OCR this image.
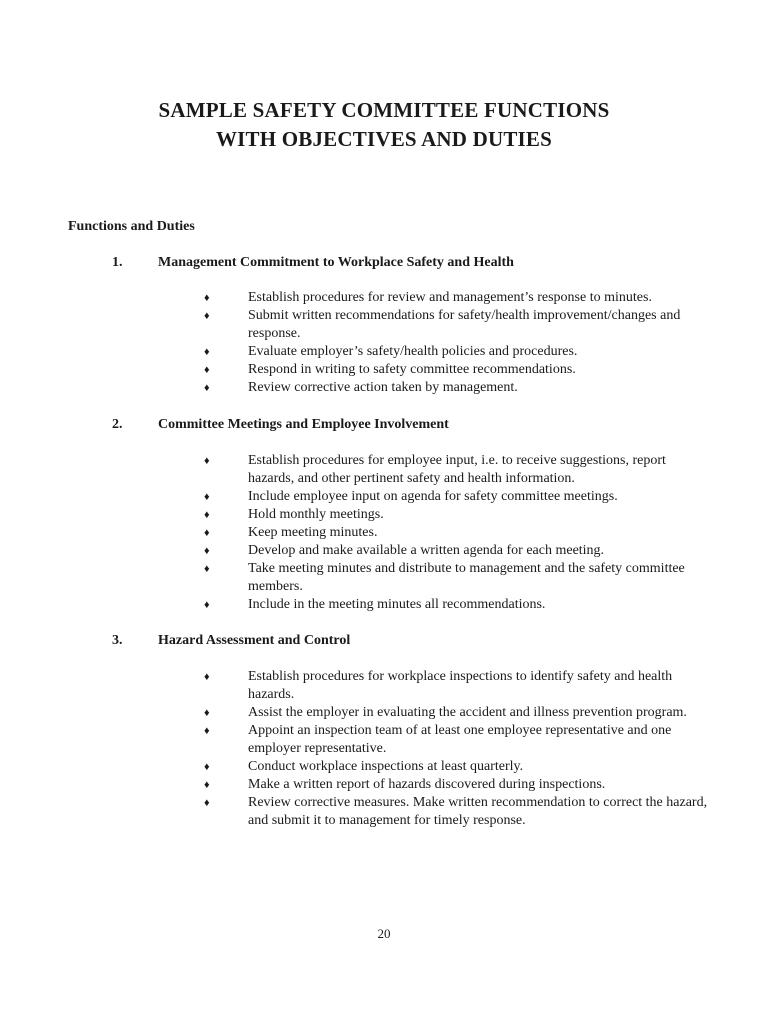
SAMPLE SAFETY COMMITTEE FUNCTIONS
WITH OBJECTIVES AND DUTIES
Functions and Duties
1.	Management Commitment to Workplace Safety and Health
♦	Establish procedures for review and management’s response to minutes.
♦	Submit written recommendations for safety/health improvement/changes and response.
♦	Evaluate employer’s safety/health policies and procedures.
♦	Respond in writing to safety committee recommendations.
♦	Review corrective action taken by management.
2.	Committee Meetings and Employee Involvement
♦	Establish procedures for employee input, i.e. to receive suggestions, report hazards, and other pertinent safety and health information.
♦	Include employee input on agenda for safety committee meetings.
♦	Hold monthly meetings.
♦	Keep meeting minutes.
♦	Develop and make available a written agenda for each meeting.
♦	Take meeting minutes and distribute to management and the safety committee members.
♦	Include in the meeting minutes all recommendations.
3.	Hazard Assessment and Control
♦	Establish procedures for workplace inspections to identify safety and health hazards.
♦	Assist the employer in evaluating the accident and illness prevention program.
♦	Appoint an inspection team of at least one employee representative and one employer representative.
♦	Conduct workplace inspections at least quarterly.
♦	Make a written report of hazards discovered during inspections.
♦	Review corrective measures. Make written recommendation to correct the hazard, and submit it to management for timely response.
20
